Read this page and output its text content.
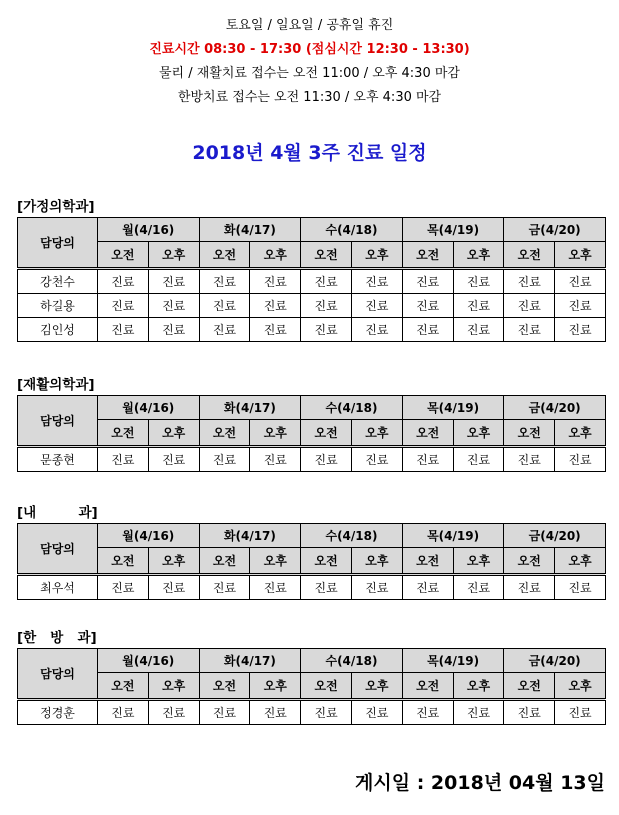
토요일 / 일요일 / 공휴일 휴진
진료시간 08:30 - 17:30 (점심시간 12:30 - 13:30)
물리 / 재활치료 접수는 오전 11:00 / 오후 4:30 마감
한방치료 접수는 오전 11:30 / 오후 4:30 마감
2018년 4월 3주 진료 일정
[가정의학과]
담당의	월(4/16)		화(4/17)		수(4/18)		목(4/19)		금(4/20)	
	오전	오후	오전	오후	오전	오후	오전	오후	오전	오후
강천수	진료	진료	진료	진료	진료	진료	진료	진료	진료	진료
하길용	진료	진료	진료	진료	진료	진료	진료	진료	진료	진료
김인성	진료	진료	진료	진료	진료	진료	진료	진료	진료	진료
[재활의학과]
담당의	월(4/16)		화(4/17)		수(4/18)		목(4/19)		금(4/20)	
	오전	오후	오전	오후	오전	오후	오전	오후	오전	오후
문종현	진료	진료	진료	진료	진료	진료	진료	진료	진료	진료
[내         과]
담당의	월(4/16)		화(4/17)		수(4/18)		목(4/19)		금(4/20)	
	오전	오후	오전	오후	오전	오후	오전	오후	오전	오후
최우석	진료	진료	진료	진료	진료	진료	진료	진료	진료	진료
[한   방   과]
담당의	월(4/16)		화(4/17)		수(4/18)		목(4/19)		금(4/20)	
	오전	오후	오전	오후	오전	오후	오전	오후	오전	오후
정경훈	진료	진료	진료	진료	진료	진료	진료	진료	진료	진료
게시일 : 2018년 04월 13일
